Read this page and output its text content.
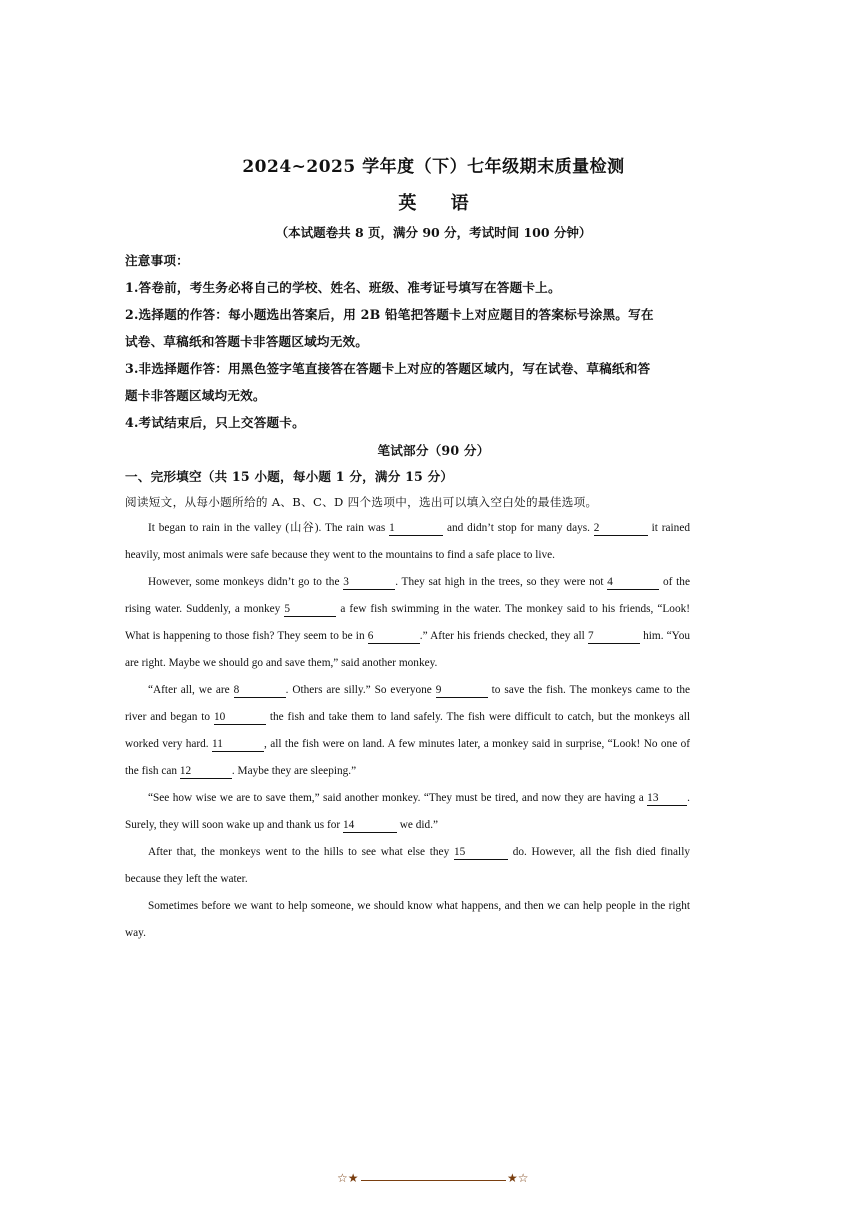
2024~2025 学年度（下）七年级期末质量检测
英 语
（本试题卷共 8 页，满分 90 分，考试时间 100 分钟）
注意事项：
1.答卷前，考生务必将自己的学校、姓名、班级、准考证号填写在答题卡上。
2.选择题的作答：每小题选出答案后，用 2B 铅笔把答题卡上对应题目的答案标号涂黑。写在
试卷、草稿纸和答题卡非答题区域均无效。
3.非选择题作答：用黑色签字笔直接答在答题卡上对应的答题区域内，写在试卷、草稿纸和答
题卡非答题区域均无效。
4.考试结束后，只上交答题卡。
笔试部分（90 分）
一、完形填空（共 15 小题，每小题 1 分，满分 15 分）
阅读短文，从每小题所给的 A、B、C、D 四个选项中，选出可以填入空白处的最佳选项。
It began to rain in the valley (山谷). The rain was 1	and didn’t stop for many days. 2	it rained heavily, most animals were safe because they went to the mountains to find a safe place to live.
However, some monkeys didn’t go to the 3	. They sat high in the trees, so they were not 4	of the rising water. Suddenly, a monkey 5	a few fish swimming in the water. The monkey said to his friends, “Look! What is happening to those fish? They seem to be in 6	.” After his friends checked, they all 7	him. “You are right. Maybe we should go and save them,” said another monkey.
“After all, we are 8	. Others are silly.” So everyone 9	to save the fish. The monkeys came to the river and began to 10	the fish and take them to land safely. The fish were difficult to catch, but the monkeys all worked very hard. 11	, all the fish were on land. A few minutes later, a monkey said in surprise, “Look! No one of the fish can 12	. Maybe they are sleeping.”
“See how wise we are to save them,” said another monkey. “They must be tired, and now they are having a 13	. Surely, they will soon wake up and thank us for 14	we did.”
After that, the monkeys went to the hills to see what else they 15	do. However, all the fish died finally because they left the water.
Sometimes before we want to help someone, we should know what happens, and then we can help people in the right way.
☆★	★☆
